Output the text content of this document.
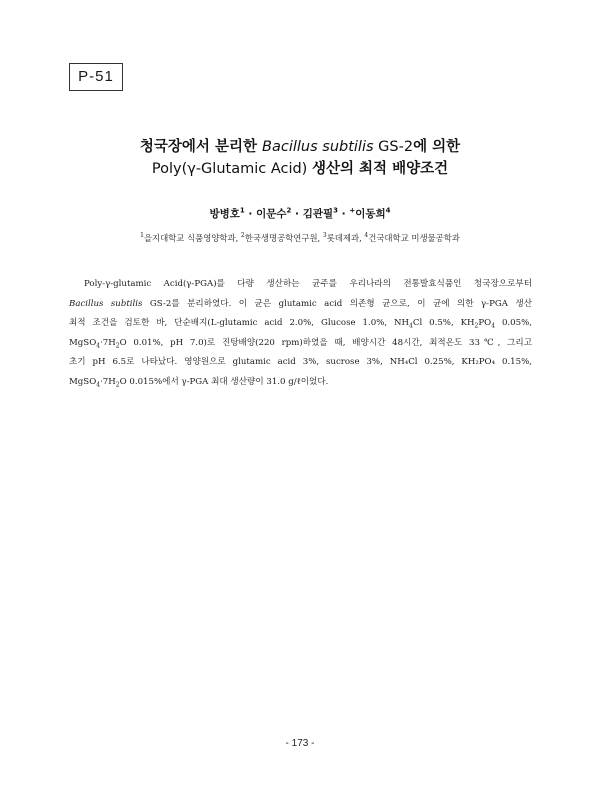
P-51
청국장에서 분리한 Bacillus subtilis GS-2에 의한
Poly(γ-Glutamic Acid) 생산의 최적 배양조건
방병호$^1$ · 이문수$^2$ · 김관필$^3$ · +이동희$^4$
$^1$을지대학교 식품영양학과, $^2$한국생명공학연구원, $^3$롯데제과, $^4$건국대학교 미생물공학과
Poly-γ-glutamic Acid(γ-PGA)를 다량 생산하는 균주를 우리나라의 전통발효식품인 청국장으로부터
Bacillus subtilis GS-2를 분리하였다. 이 균은 glutamic acid 의존형 균으로, 이 균에 의한 γ-PGA 생산
최적 조건을 검토한 바, 단순배지(L-glutamic acid 2.0%, Glucose 1.0%, $NH_4Cl$ 0.5%, $KH_2PO_4$ 0.05%,
$MgSO_4\cdot 7H_2O$ 0.01%, pH 7.0)로 진탕배양(220 rpm)하였을 때, 배양시간 48시간, 최적온도 33℃, 그리고
초기 pH 6.5로 나타났다. 영양원으로 glutamic acid 3%, sucrose 3%, NH₄Cl 0.25%, KH₂PO₄ 0.15%,
$MgSO_4\cdot 7H_2O$ 0.015%에서 γ-PGA 최대 생산량이 31.0 g/ℓ이었다.
- 173 -
